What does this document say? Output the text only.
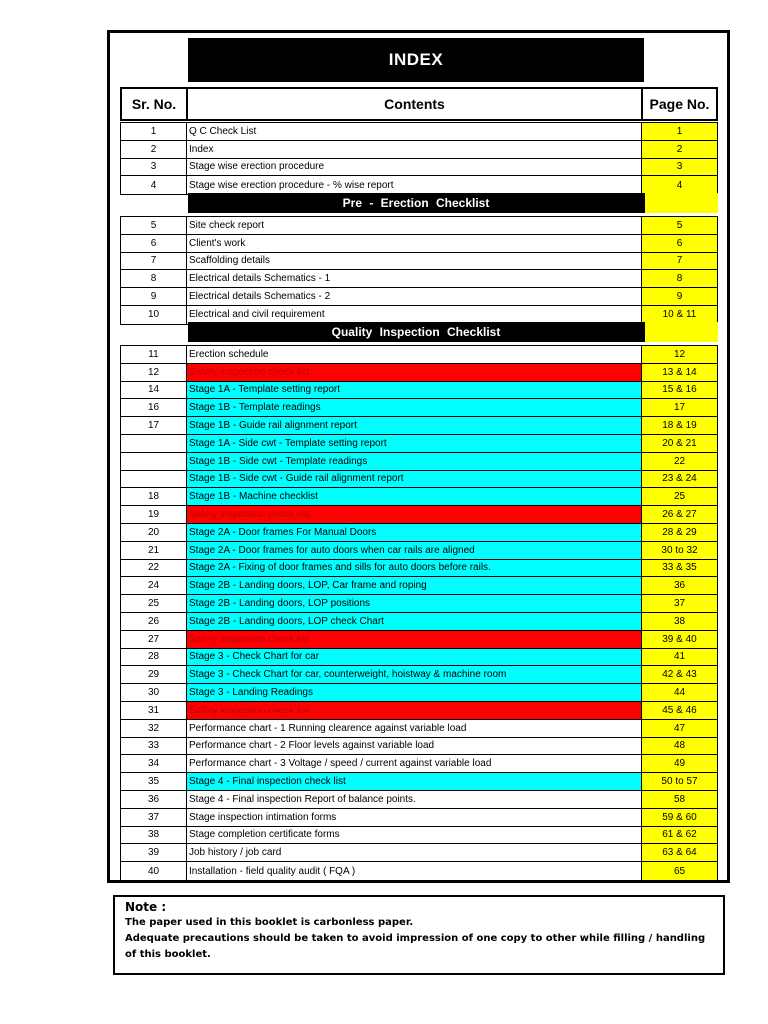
INDEX
Sr. No.	Contents	Page No.
1	Q C Check List	1
2	Index	2
3	Stage wise erection procedure	3
4	Stage wise erection procedure - % wise report	4
Pre - Erection Checklist
5	Site check report	5
6	Client's work	6
7	Scaffolding details	7
8	Electrical details Schematics - 1	8
9	Electrical details Schematics - 2	9
10	Electrical and civil requirement	10 & 11
Quality Inspection Checklist
11	Erection schedule	12
12	Safety inspection check list	13 & 14
14	Stage 1A - Template setting report	15 & 16
16	Stage 1B - Template readings	17
17	Stage 1B - Guide rail alignment report	18 & 19
Stage 1A - Side cwt - Template setting report	20 & 21
Stage 1B - Side cwt - Template readings	22
Stage 1B - Side cwt - Guide rail alignment report	23 & 24
18	Stage 1B - Machine checklist	25
19	Safety inspection check list	26 & 27
20	Stage 2A - Door frames For Manual Doors	28 & 29
21	Stage 2A - Door frames for auto doors when car rails are aligned	30 to 32
22	Stage 2A - Fixing of door frames and sills for auto doors before rails.	33 & 35
24	Stage 2B - Landing doors, LOP, Car frame and roping	36
25	Stage 2B - Landing doors, LOP positions	37
26	Stage 2B - Landing doors, LOP check Chart	38
27	Safety inspection check list	39 & 40
28	Stage 3 - Check Chart for car	41
29	Stage 3 - Check Chart for car, counterweight, hoistway & machine room	42 & 43
30	Stage 3 - Landing Readings	44
31	Safety inspection check list	45 & 46
32	Performance chart - 1 Running clearence against variable load	47
33	Performance chart - 2 Floor levels against variable load	48
34	Performance chart - 3 Voltage / speed / current against variable load	49
35	Stage 4 - Final inspection check list	50 to 57
36	Stage 4 - Final inspection Report of balance points.	58
37	Stage inspection intimation forms	59 & 60
38	Stage completion certificate forms	61 & 62
39	Job history / job card	63 & 64
40	Installation - field quality audit ( FQA )	65
Note :
The paper used in this booklet is carbonless paper.
Adequate precautions should be taken to avoid impression of one copy to other while filling / handling of this booklet.
